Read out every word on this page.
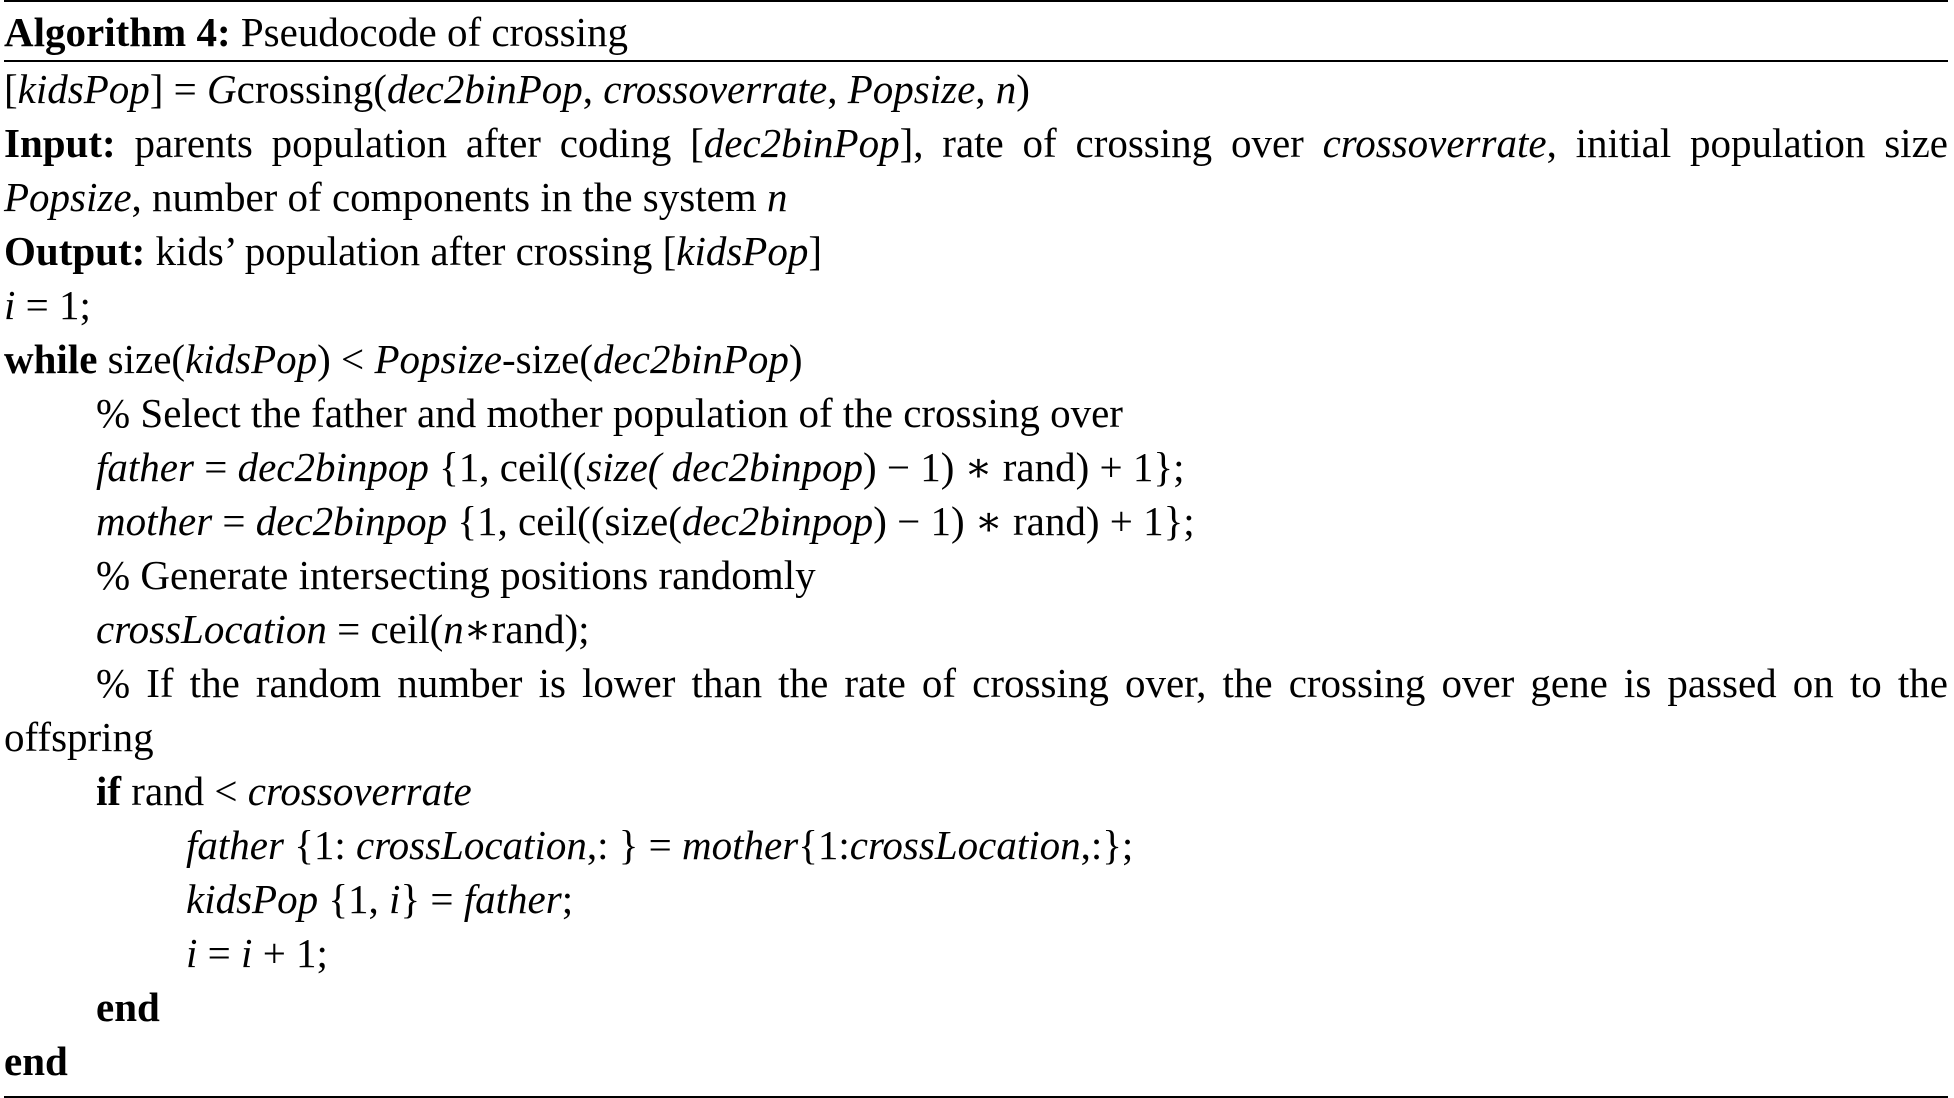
Algorithm 4: Pseudocode of crossing
[kidsPop] = Gcrossing(dec2binPop, crossoverrate, Popsize, n)
Input: parents population after coding [dec2binPop], rate of crossing over crossoverrate, initial population size Popsize, number of components in the system n
Output: kids’ population after crossing [kidsPop]
i = 1;
while size(kidsPop) < Popsize-size(dec2binPop)
% Select the father and mother population of the crossing over
father = dec2binpop {1, ceil((size( dec2binpop) − 1) ∗ rand) + 1};
mother = dec2binpop {1, ceil((size(dec2binpop) − 1) ∗ rand) + 1};
% Generate intersecting positions randomly
crossLocation = ceil(n∗rand);
% If the random number is lower than the rate of crossing over, the crossing over gene is passed on to the offspring
if rand < crossoverrate
father {1: crossLocation,: } = mother{1:crossLocation,:};
kidsPop {1, i} = father;
i = i + 1;
end
end
